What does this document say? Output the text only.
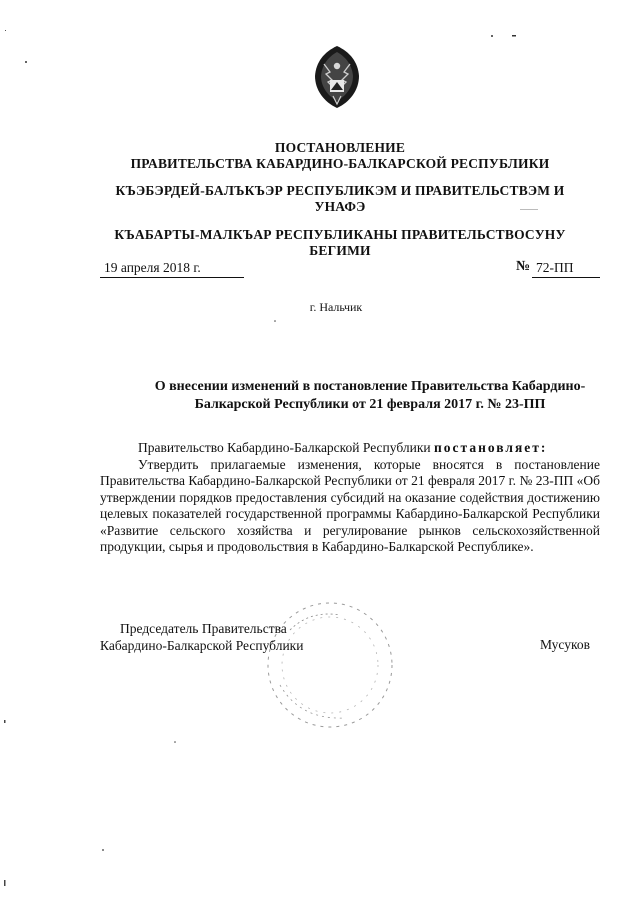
ПОСТАНОВЛЕНИЕ
ПРАВИТЕЛЬСТВА КАБАРДИНО-БАЛКАРСКОЙ РЕСПУБЛИКИ
КЪЭБЭРДЕЙ-БАЛЪКЪЭР РЕСПУБЛИКЭМ И ПРАВИТЕЛЬСТВЭМ И
УНАФЭ
КЪАБАРТЫ-МАЛКЪАР РЕСПУБЛИКАНЫ ПРАВИТЕЛЬСТВОСУНУ
БЕГИМИ
19 апреля 2018 г.	№ 72-ПП
г. Нальчик
О внесении изменений в постановление Правительства Кабардино-
Балкарской Республики от 21 февраля 2017 г. № 23-ПП

Правительство Кабардино-Балкарской Республики постановляет:

Утвердить прилагаемые изменения, которые вносятся в постановление Правительства Кабардино-Балкарской Республики от 21 февраля 2017 г. № 23-ПП «Об утверждении порядков предоставления субсидий на оказание содействия достижению целевых показателей государственной программы Кабардино-Балкарской Республики «Развитие сельского хозяйства и регулирование рынков сельскохозяйственной продукции, сырья и продовольствия в Кабардино-Балкарской Республике».

Председатель Правительства
Кабардино-Балкарской Республики	Мусуков
